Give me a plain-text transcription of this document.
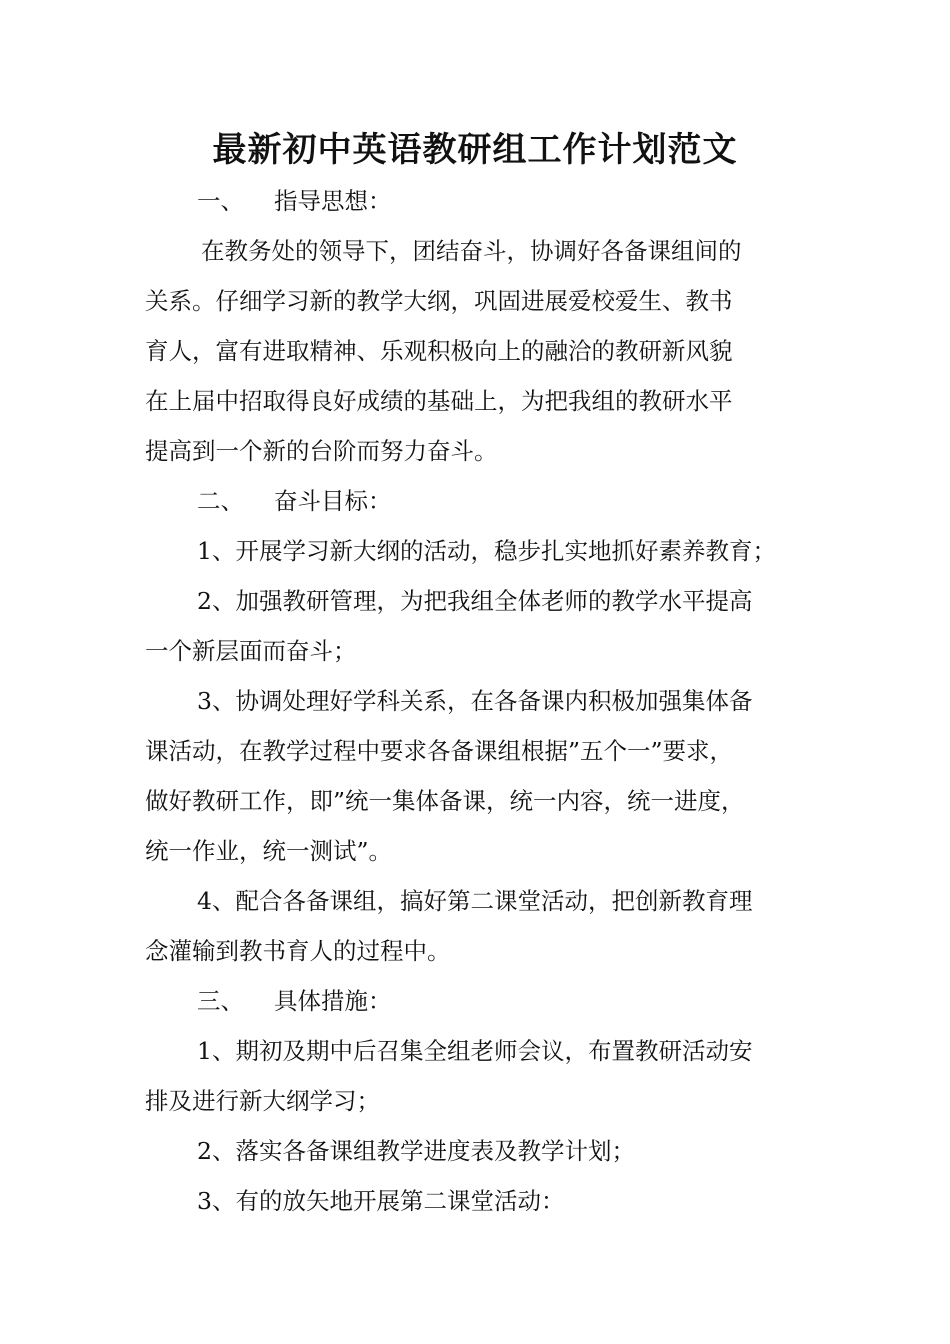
最新初中英语教研组工作计划范文
一、 指导思想：
在教务处的领导下，团结奋斗，协调好各备课组间的
关系。仔细学习新的教学大纲，巩固进展爱校爱生、教书
育人，富有进取精神、乐观积极向上的融洽的教研新风貌
在上届中招取得良好成绩的基础上，为把我组的教研水平
提高到一个新的台阶而努力奋斗。
二、 奋斗目标：
1、开展学习新大纲的活动，稳步扎实地抓好素养教育；
2、加强教研管理，为把我组全体老师的教学水平提高
一个新层面而奋斗；
3、协调处理好学科关系，在各备课内积极加强集体备
课活动，在教学过程中要求各备课组根据”五个一”要求，
做好教研工作，即”统一集体备课，统一内容，统一进度，
统一作业，统一测试”。
4、配合各备课组，搞好第二课堂活动，把创新教育理
念灌输到教书育人的过程中。
三、 具体措施：
1、期初及期中后召集全组老师会议，布置教研活动安
排及进行新大纲学习；
2、落实各备课组教学进度表及教学计划；
3、有的放矢地开展第二课堂活动：
